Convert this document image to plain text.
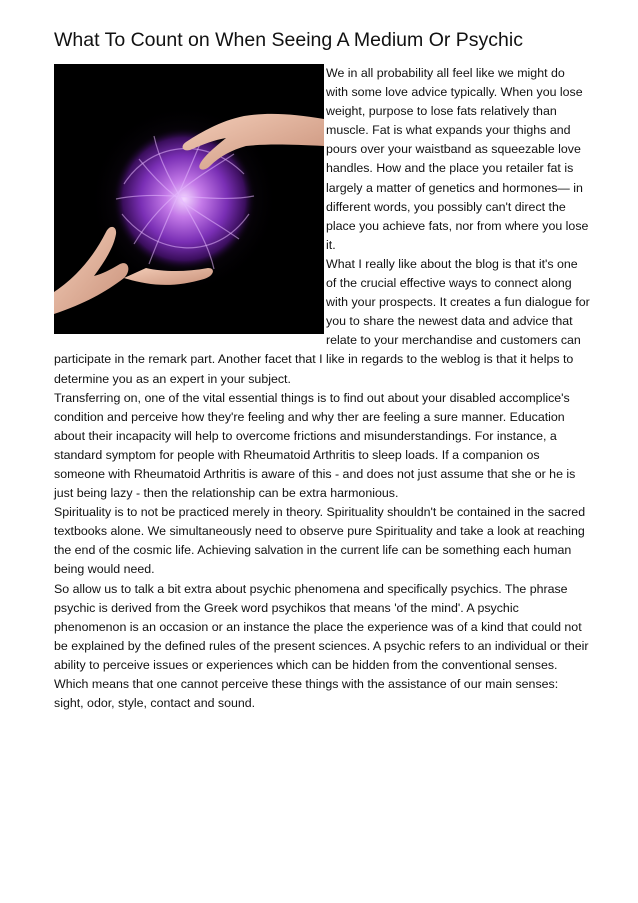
What To Count on When Seeing A Medium Or Psychic

We in all probability all feel like we might do with some love advice typically. When you lose weight, purpose to lose fats relatively than muscle. Fat is what expands your thighs and pours over your waistband as squeezable love handles. How and the place you retailer fat is largely a matter of genetics and hormones— in different words, you possibly can't direct the place you achieve fats, nor from where you lose it.

What I really like about the blog is that it's one of the crucial effective ways to connect along with your prospects. It creates a fun dialogue for you to share the newest data and advice that relate to your merchandise and customers can participate in the remark part. Another facet that I like in regards to the weblog is that it helps to determine you as an expert in your subject.

Transferring on, one of the vital essential things is to find out about your disabled accomplice's condition and perceive how they're feeling and why ther are feeling a sure manner. Education about their incapacity will help to overcome frictions and misunderstandings. For instance, a standard symptom for people with Rheumatoid Arthritis to sleep loads. If a companion os someone with Rheumatoid Arthritis is aware of this - and does not just assume that she or he is just being lazy - then the relationship can be extra harmonious.

Spirituality is to not be practiced merely in theory. Spirituality shouldn't be contained in the sacred textbooks alone. We simultaneously need to observe pure Spirituality and take a look at reaching the end of the cosmic life. Achieving salvation in the current life can be something each human being would need.

So allow us to talk a bit extra about psychic phenomena and specifically psychics. The phrase psychic is derived from the Greek word psychikos that means 'of the mind'. A psychic phenomenon is an occasion or an instance the place the experience was of a kind that could not be explained by the defined rules of the present sciences. A psychic refers to an individual or their ability to perceive issues or experiences which can be hidden from the conventional senses. Which means that one cannot perceive these things with the assistance of our main senses: sight, odor, style, contact and sound.
